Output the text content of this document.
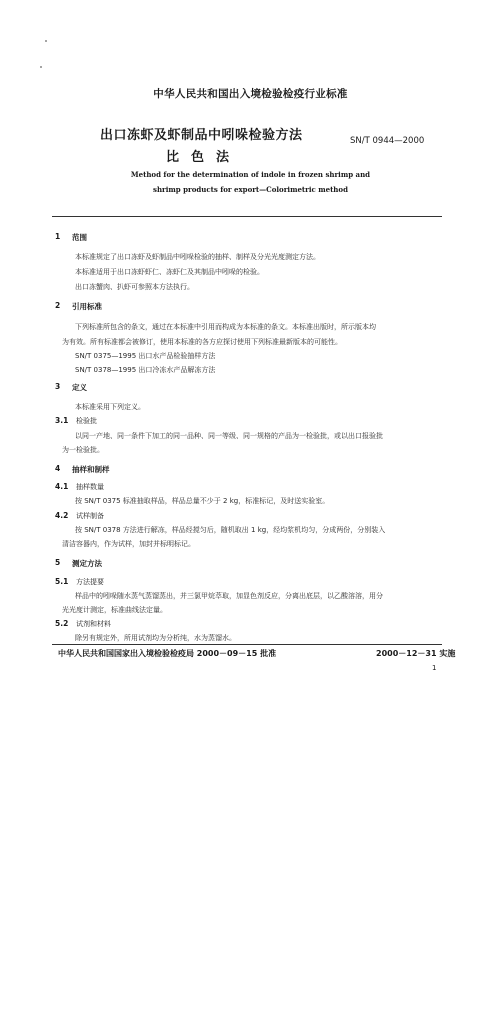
中华人民共和国出入境检验检疫行业标准
出口冻虾及虾制品中吲哚检验方法
比色法
SN/T 0944—2000
Method for the determination of indole in frozen shrimp and
shrimp products for export—Colorimetric method
1 范围
本标准规定了出口冻虾及虾制品中吲哚检验的抽样、制样及分光光度测定方法。
本标准适用于出口冻虾虾仁、冻虾仁及其制品中吲哚的检验。
出口冻蟹肉、扒虾可参照本方法执行。
2 引用标准
下列标准所包含的条文，通过在本标准中引用而构成为本标准的条文。本标准出版时，所示版本均
为有效。所有标准都会被修订，使用本标准的各方应探讨使用下列标准最新版本的可能性。
SN/T 0375—1995 出口水产品检验抽样方法
SN/T 0378—1995 出口冷冻水产品解冻方法
3 定义
本标准采用下列定义。
3.1 检验批
以同一产地、同一条件下加工的同一品种、同一等级、同一规格的产品为一检验批，或以出口报验批
为一检验批。
4 抽样和制样
4.1 抽样数量
按 SN/T 0375 标准抽取样品，样品总量不少于 2 kg，标准标记，及时送实验室。
4.2 试样制备
按 SN/T 0378 方法进行解冻，样品经搅匀后，随机取出 1 kg，经均浆机均匀，分成两份，分别装入
清洁容器内，作为试样，加封并标明标记。
5 测定方法
5.1 方法提要
样品中的吲哚随水蒸气蒸馏蒸出，并三氯甲烷萃取，加显色剂反应，分离出底层，以乙酸溶溶，用分
光光度计测定，标准曲线法定量。
5.2 试剂和材料
除另有规定外，所用试剂均为分析纯，水为蒸馏水。
中华人民共和国国家出入境检验检疫局 2000－09－15 批准	2000－12－31 实施
1
